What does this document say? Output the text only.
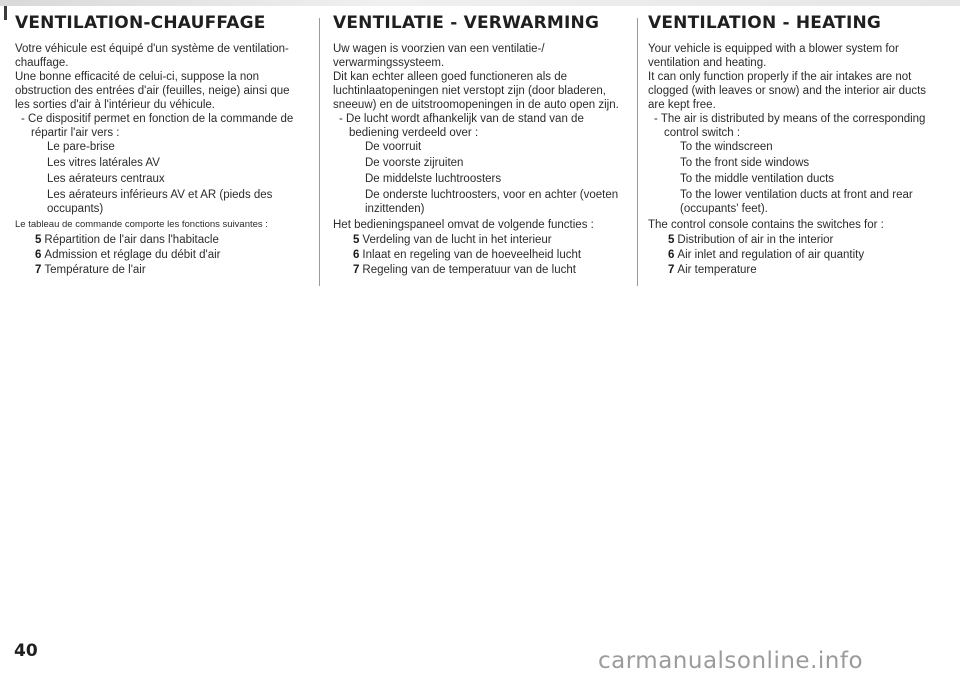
VENTILATION-CHAUFFAGE

Votre véhicule est équipé d'un système de ventilation-
chauffage.
Une bonne efficacité de celui-ci, suppose la non
obstruction des entrées d'air (feuilles, neige) ainsi que
les sorties d'air à l'intérieur du véhicule.

- Ce dispositif permet en fonction de la commande de répartir l'air vers :

Le pare-brise

Les vitres latérales AV

Les aérateurs centraux

Les aérateurs inférieurs AV et AR (pieds des occupants)

Le tableau de commande comporte les fonctions suivantes :

5 Répartition de l'air dans l'habitacle

6 Admission et réglage du débit d'air

7 Température de l'air

VENTILATIE - VERWARMING

Uw wagen is voorzien van een ventilatie-/
verwarmingssysteem.
Dit kan echter alleen goed functioneren als de
luchtinlaatopeningen niet verstopt zijn (door bladeren,
sneeuw) en de uitstroomopeningen in de auto open zijn.

- De lucht wordt afhankelijk van de stand van de bediening verdeeld over :

De voorruit

De voorste zijruiten

De middelste luchtroosters

De onderste luchtroosters, voor en achter (voeten inzittenden)

Het bedieningspaneel omvat de volgende functies :

5 Verdeling van de lucht in het interieur

6 Inlaat en regeling van de hoeveelheid lucht

7 Regeling van de temperatuur van de lucht

VENTILATION - HEATING

Your vehicle is equipped with a blower system for
ventilation and heating.
It can only function properly if the air intakes are not
clogged (with leaves or snow) and the interior air ducts
are kept free.

- The air is distributed by means of the corresponding control switch :

To the windscreen

To the front side windows

To the middle ventilation ducts

To the lower ventilation ducts at front and rear (occupants' feet).

The control console contains the switches for :

5 Distribution of air in the interior

6 Air inlet and regulation of air quantity

7 Air temperature

40	carmanualsonline.info
